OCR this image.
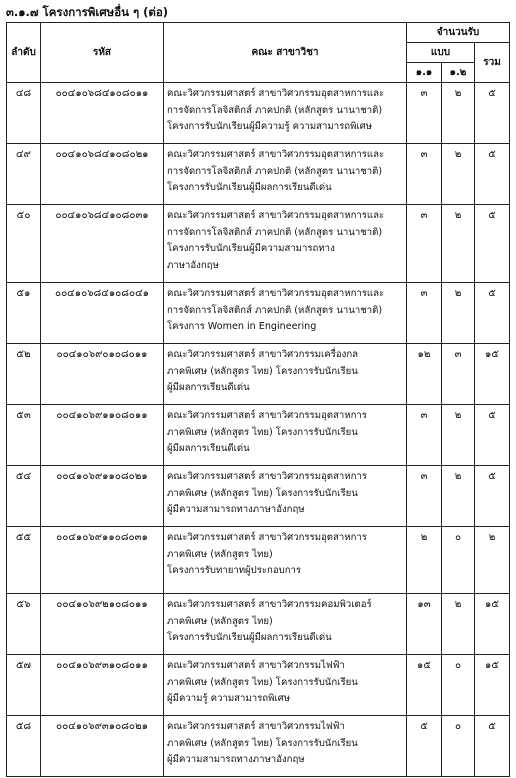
๓.๑.๗ โครงการพิเศษอื่น ๆ (ต่อ)
ลำดับ	รหัส	คณะ สาขาวิชา	จำนวนรับ		
			แบบ		รวม
			๑.๑	๑.๒	
๔๘	๐๐๔๑๐๖๘๔๑๐๘๐๑๑	คณะวิศวกรรมศาสตร์ สาขาวิศวกรรมอุตสาหการและ
การจัดการโลจิสติกส์ ภาคปกติ (หลักสูตร นานาชาติ)
โครงการรับนักเรียนผู้มีความรู้ ความสามารถพิเศษ	๓	๒	๕
๔๙	๐๐๔๑๐๖๘๔๑๐๘๐๒๑	คณะวิศวกรรมศาสตร์ สาขาวิศวกรรมอุตสาหการและ
การจัดการโลจิสติกส์ ภาคปกติ (หลักสูตร นานาชาติ)
โครงการรับนักเรียนผู้มีผลการเรียนดีเด่น	๓	๒	๕
๕๐	๐๐๔๑๐๖๘๔๑๐๘๐๓๑	คณะวิศวกรรมศาสตร์ สาขาวิศวกรรมอุตสาหการและ
การจัดการโลจิสติกส์ ภาคปกติ (หลักสูตร นานาชาติ)
โครงการรับนักเรียนผู้มีความสามารถทาง
ภาษาอังกฤษ	๓	๒	๕
๕๑	๐๐๔๑๐๖๘๔๑๐๘๐๔๑	คณะวิศวกรรมศาสตร์ สาขาวิศวกรรมอุตสาหการและ
การจัดการโลจิสติกส์ ภาคปกติ (หลักสูตร นานาชาติ)
โครงการ Women in Engineering	๓	๒	๕
๕๒	๐๐๔๑๐๖๙๐๑๐๘๐๑๑	คณะวิศวกรรมศาสตร์ สาขาวิศวกรรมเครื่องกล
ภาคพิเศษ (หลักสูตร ไทย) โครงการรับนักเรียน
ผู้มีผลการเรียนดีเด่น	๑๒	๓	๑๕
๕๓	๐๐๔๑๐๖๙๑๑๐๘๐๑๑	คณะวิศวกรรมศาสตร์ สาขาวิศวกรรมอุตสาหการ
ภาคพิเศษ (หลักสูตร ไทย) โครงการรับนักเรียน
ผู้มีผลการเรียนดีเด่น	๓	๒	๕
๕๔	๐๐๔๑๐๖๙๑๑๐๘๐๒๑	คณะวิศวกรรมศาสตร์ สาขาวิศวกรรมอุตสาหการ
ภาคพิเศษ (หลักสูตร ไทย) โครงการรับนักเรียน
ผู้มีความสามารถทางภาษาอังกฤษ	๓	๒	๕
๕๕	๐๐๔๑๐๖๙๑๑๐๘๐๓๑	คณะวิศวกรรมศาสตร์ สาขาวิศวกรรมอุตสาหการ
ภาคพิเศษ (หลักสูตร ไทย)
โครงการรับทายาทผู้ประกอบการ	๒	๐	๒
๕๖	๐๐๔๑๐๖๙๒๑๐๘๐๑๑	คณะวิศวกรรมศาสตร์ สาขาวิศวกรรมคอมพิวเตอร์
ภาคพิเศษ (หลักสูตร ไทย)
โครงการรับนักเรียนผู้มีผลการเรียนดีเด่น	๑๓	๒	๑๕
๕๗	๐๐๔๑๐๖๙๓๑๐๘๐๑๑	คณะวิศวกรรมศาสตร์ สาขาวิศวกรรมไฟฟ้า
ภาคพิเศษ (หลักสูตร ไทย) โครงการรับนักเรียน
ผู้มีความรู้ ความสามารถพิเศษ	๑๕	๐	๑๕
๕๘	๐๐๔๑๐๖๙๓๑๐๘๐๒๑	คณะวิศวกรรมศาสตร์ สาขาวิศวกรรมไฟฟ้า
ภาคพิเศษ (หลักสูตร ไทย) โครงการรับนักเรียน
ผู้มีความสามารถทางภาษาอังกฤษ	๕	๐	๕
